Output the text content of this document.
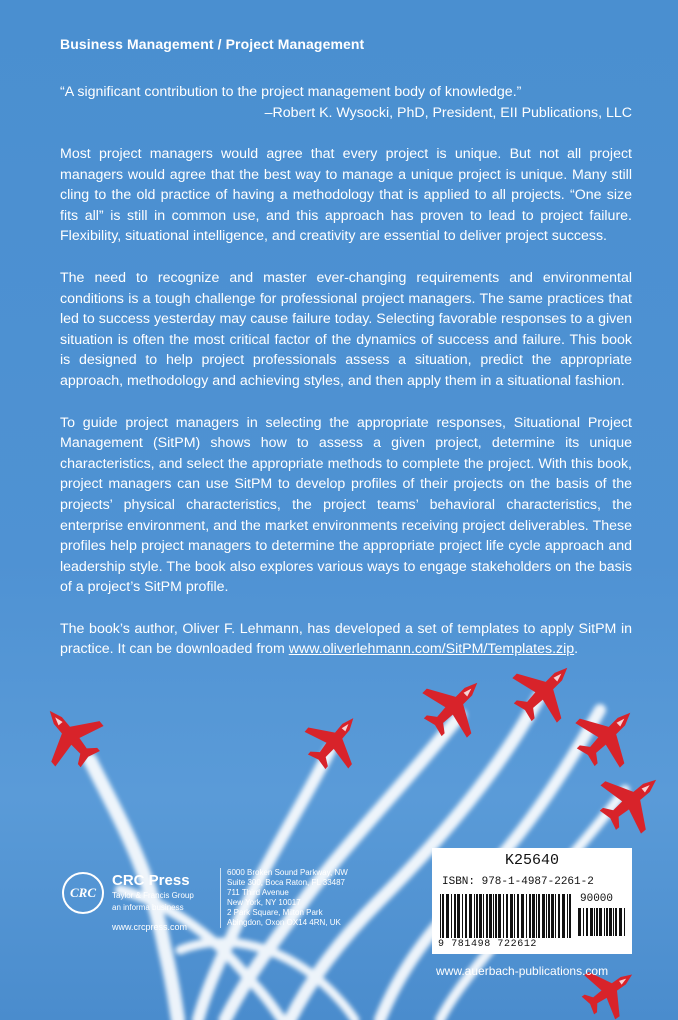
Business Management / Project Management
“A significant contribution to the project management body of knowledge.”
–Robert K. Wysocki, PhD, President, EII Publications, LLC

Most project managers would agree that every project is unique. But not all project managers would agree that the best way to manage a unique project is unique. Many still cling to the old practice of having a methodology that is applied to all projects. “One size fits all” is still in common use, and this approach has proven to lead to project failure. Flexibility, situational intelligence, and creativity are essential to deliver project success.

The need to recognize and master ever-changing requirements and environmental conditions is a tough challenge for professional project managers. The same practices that led to success yesterday may cause failure today. Selecting favorable responses to a given situation is often the most critical factor of the dynamics of success and failure. This book is designed to help project professionals assess a situation, predict the appropriate approach, methodology and achieving styles, and then apply them in a situational fashion.

To guide project managers in selecting the appropriate responses, Situational Project Management (SitPM) shows how to assess a given project, determine its unique characteristics, and select the appropriate methods to complete the project. With this book, project managers can use SitPM to develop profiles of their projects on the basis of the projects’ physical characteristics, the project teams’ behavioral characteristics, the enterprise environment, and the market environments receiving project deliverables. These profiles help project managers to determine the appropriate project life cycle approach and leadership style. The book also explores various ways to engage stakeholders on the basis of a project’s SitPM profile.

The book’s author, Oliver F. Lehmann, has developed a set of templates to apply SitPM in practice. It can be downloaded from www.oliverlehmann.com/SitPM/Templates.zip.

CRC
CRC Press
Taylor & Francis Group
an informa business
www.crcpress.com
6000 Broken Sound Parkway, NW
Suite 300, Boca Raton, FL 33487
711 Third Avenue
New York, NY 10017
2 Park Square, Milton Park
Abingdon, Oxon OX14 4RN, UK
K25640
ISBN: 978-1-4987-2261-2
90000
9 781498 722612
www.auerbach-publications.com
